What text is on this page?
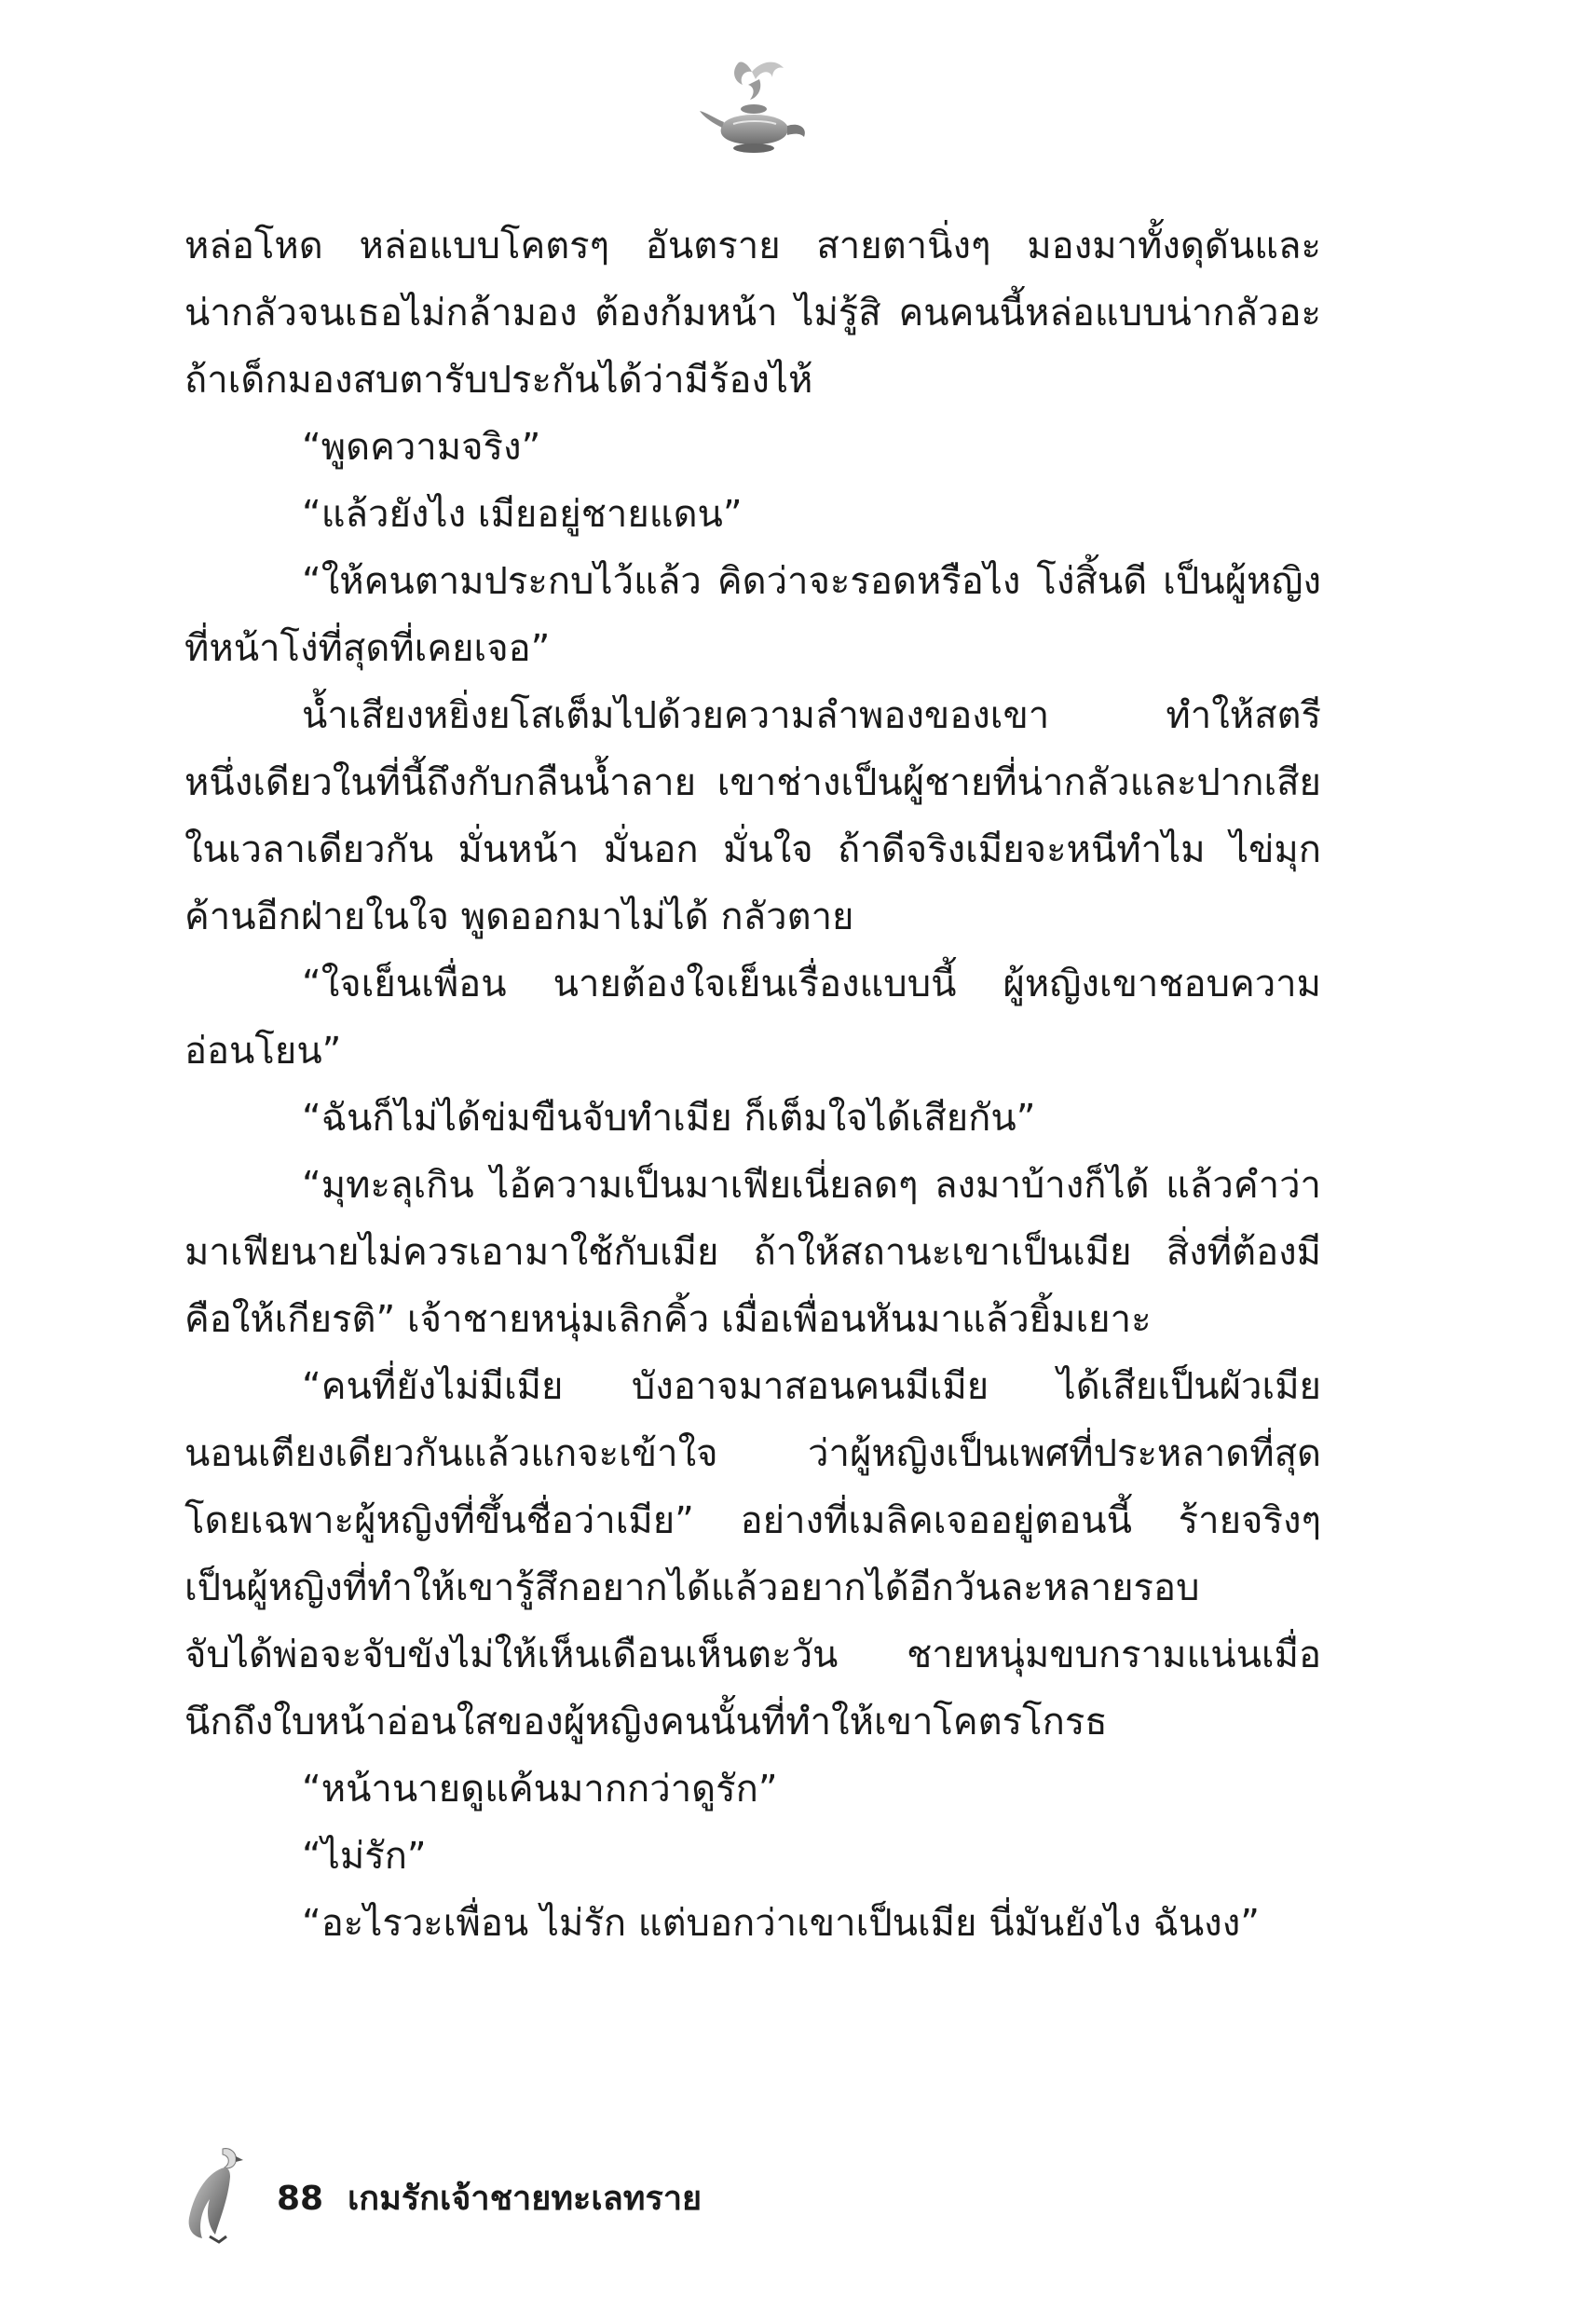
หล่อโหด หล่อแบบโคตรๆ อันตราย สายตานิ่งๆ มองมาทั้งดุดันและ
น่ากลัวจนเธอไม่กล้ามอง ต้องก้มหน้า ไม่รู้สิ คนคนนี้หล่อแบบน่ากลัวอะ
ถ้าเด็กมองสบตารับประกันได้ว่ามีร้องไห้
“พูดความจริง”
“แล้วยังไง เมียอยู่ชายแดน”
“ให้คนตามประกบไว้แล้ว คิดว่าจะรอดหรือไง โง่สิ้นดี เป็นผู้หญิง
ที่หน้าโง่ที่สุดที่เคยเจอ”
น้ำเสียงหยิ่งยโสเต็มไปด้วยความลำพองของเขา ทำให้สตรี
หนึ่งเดียวในที่นี้ถึงกับกลืนน้ำลาย เขาช่างเป็นผู้ชายที่น่ากลัวและปากเสีย
ในเวลาเดียวกัน มั่นหน้า มั่นอก มั่นใจ ถ้าดีจริงเมียจะหนีทำไม ไข่มุก
ค้านอีกฝ่ายในใจ พูดออกมาไม่ได้ กลัวตาย
“ใจเย็นเพื่อน นายต้องใจเย็นเรื่องแบบนี้ ผู้หญิงเขาชอบความ
อ่อนโยน”
“ฉันก็ไม่ได้ข่มขืนจับทำเมีย ก็เต็มใจได้เสียกัน”
“มุทะลุเกิน ไอ้ความเป็นมาเฟียเนี่ยลดๆ ลงมาบ้างก็ได้ แล้วคำว่า
มาเฟียนายไม่ควรเอามาใช้กับเมีย ถ้าให้สถานะเขาเป็นเมีย สิ่งที่ต้องมี
คือให้เกียรติ” เจ้าชายหนุ่มเลิกคิ้ว เมื่อเพื่อนหันมาแล้วยิ้มเยาะ
“คนที่ยังไม่มีเมีย บังอาจมาสอนคนมีเมีย ได้เสียเป็นผัวเมีย
นอนเตียงเดียวกันแล้วแกจะเข้าใจ ว่าผู้หญิงเป็นเพศที่ประหลาดที่สุด
โดยเฉพาะผู้หญิงที่ขึ้นชื่อว่าเมีย” อย่างที่เมลิคเจออยู่ตอนนี้ ร้ายจริงๆ
เป็นผู้หญิงที่ทำให้เขารู้สึกอยากได้แล้วอยากได้อีกวันละหลายรอบ
จับได้พ่อจะจับขังไม่ให้เห็นเดือนเห็นตะวัน ชายหนุ่มขบกรามแน่นเมื่อ
นึกถึงใบหน้าอ่อนใสของผู้หญิงคนนั้นที่ทำให้เขาโคตรโกรธ
“หน้านายดูแค้นมากกว่าดูรัก”
“ไม่รัก”
“อะไรวะเพื่อน ไม่รัก แต่บอกว่าเขาเป็นเมีย นี่มันยังไง ฉันงง”
88 เกมรักเจ้าชายทะเลทราย
